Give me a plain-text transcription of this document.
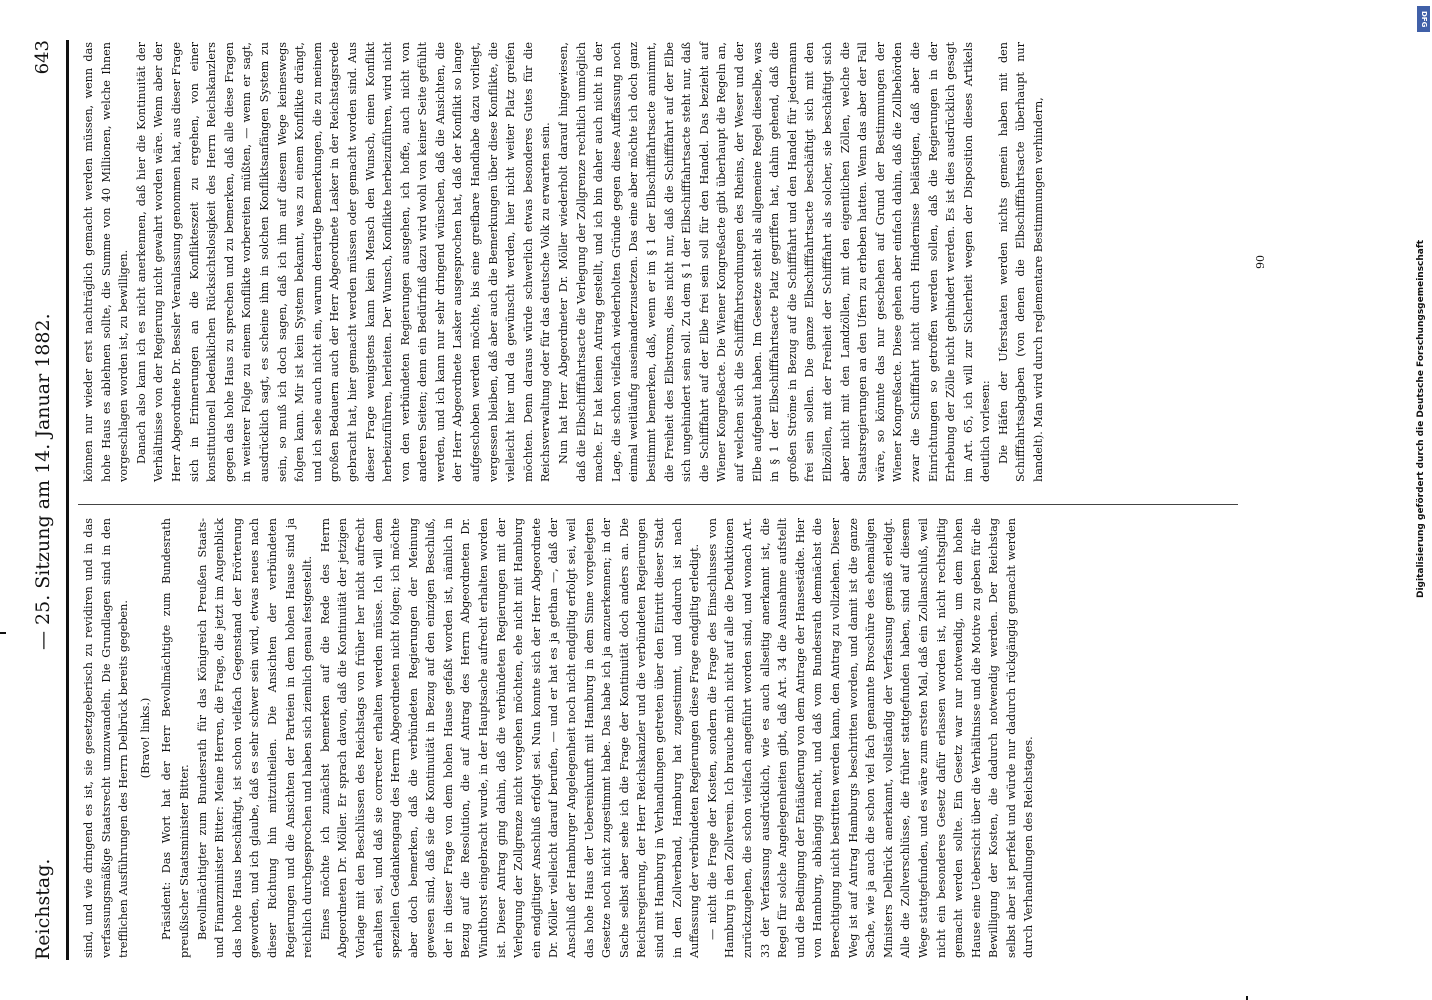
Reichstag.
— 25. Sitzung am 14. Januar 1882.
643

sind, und wie dringend es ist, sie gesetzgeberisch zu revidiren und in das verfassungsmäßige Staatsrecht umzuwandeln. Die Grundlagen sind in den trefflichen Ausführungen des Herrn Delbrück bereits gegeben. (Bravo! links.) Präsident: Das Wort hat der Herr Bevollmächtigte zum Bundesrath preußischer Staatsminister Bitter. Bevollmächtigter zum Bundesrath für das Königreich Preußen Staats- und Finanzminister Bitter: Meine Herren, die Frage, die jetzt im Augenblick das hohe Haus beschäftigt, ist schon vielfach Gegenstand der Erörterung geworden, und ich glaube, daß es sehr schwer sein wird, etwas neues nach dieser Richtung hin mitzutheilen. Die Ansichten der verbündeten Regierungen und die Ansichten der Parteien in dem hohen Hause sind ja reichlich durchgesprochen und haben sich ziemlich genau festgestellt. Eines möchte ich zunächst bemerken auf die Rede des Herrn Abgeordneten Dr. Möller. Er sprach davon, daß die Kontinuität der jetzigen Vorlage mit den Beschlüssen des Reichstags von früher her nicht aufrecht erhalten sei, und daß sie correcter erhalten werden müsse. Ich will dem speziellen Gedankengang des Herrn Abgeordneten nicht folgen; ich möchte aber doch bemerken, daß die verbündeten Regierungen der Meinung gewesen sind, daß sie die Kontinuität in Bezug auf den einzigen Beschluß, der in dieser Frage von dem hohen Hause gefaßt worden ist, nämlich in Bezug auf die Resolution, die auf Antrag des Herrn Abgeordneten Dr. Windthorst eingebracht wurde, in der Hauptsache aufrecht erhalten worden ist. Dieser Antrag ging dahin, daß die verbündeten Regierungen mit der Verlegung der Zollgrenze nicht vorgehen möchten, ehe nicht mit Hamburg ein endgiltiger Anschluß erfolgt sei. Nun konnte sich der Herr Abgeordnete Dr. Möller vielleicht darauf berufen, — und er hat es ja gethan —, daß der Anschluß der Hamburger Angelegenheit noch nicht endgiltig erfolgt sei, weil das hohe Haus der Uebereinkunft mit Hamburg in dem Sinne vorgelegten Gesetze noch nicht zugestimmt habe. Das habe ich ja anzuerkennen; in der Sache selbst aber sehe ich die Frage der Kontinuität doch anders an. Die Reichsregierung, der Herr Reichskanzler und die verbündeten Regierungen sind mit Hamburg in Verhandlungen getreten über den Eintritt dieser Stadt in den Zollverband, Hamburg hat zugestimmt, und dadurch ist nach Auffassung der verbündeten Regierungen diese Frage endgiltig erledigt. — nicht die Frage der Kosten, sondern die Frage des Einschlusses von Hamburg in den Zollverein. Ich brauche mich nicht auf alle die Deduktionen zurückzugehen, die schon vielfach angeführt worden sind, und wonach Art. 33 der Verfassung ausdrücklich, wie es auch allseitig anerkannt ist, die Regel für solche Angelegenheiten gibt, daß Art. 34 die Ausnahme aufstellt und die Bedingung der Entäußerung von dem Antrage der Hansestädte. Hier von Hamburg, abhängig macht, und daß vom Bundesrath demnächst die Berechtigung nicht bestritten werden kann, den Antrag zu vollziehen. Dieser Weg ist auf Antrag Hamburgs beschritten worden, und damit ist die ganze Sache, wie ja auch die schon viel fach genannte Broschüre des ehemaligen Ministers Delbrück anerkannt, vollständig der Verfassung gemäß erledigt. Alle die Zollverschlüsse, die früher stattgefunden haben, sind auf diesem Wege stattgefunden, und es wäre zum ersten Mal, daß ein Zollanschluß, weil nicht ein besonderes Gesetz dafür erlassen worden ist, nicht rechtsgiltig gemacht werden sollte. Ein Gesetz war nur notwendig, um dem hohen Hause eine Uebersicht über die Verhältnisse und die Motive zu geben für die Bewilligung der Kosten, die dadurch notwendig werden. Der Reichstag selbst aber ist perfekt und würde nur dadurch rückgängig gemacht werden durch Verhandlungen des Reichstages.

können nur wieder erst nachträglich gemacht werden müssen, wenn das hohe Haus es ablehnen sollte, die Summe von 40 Millionen, welche Ihnen vorgeschlagen worden ist, zu bewilligen. Danach also kann ich es nicht anerkennen, daß hier die Kontinuität der Verhältnisse von der Regierung nicht gewahrt worden wäre. Wenn aber der Herr Abgeordnete Dr. Bessler Veranlassung genommen hat, aus dieser Frage sich in Erinnerungen an die Konflikteszeit zu ergehen, von einer konstitutionell bedenklichen Rücksichtslosigkeit des Herrn Reichskanzlers gegen das hohe Haus zu sprechen und zu bemerken, daß alle diese Fragen in weiterer Folge zu einem Konflikte vorbereiten müßten, — wenn er sagt, ausdrücklich sagt, es scheine ihm in solchen Konfliktsanfängen System zu sein, so muß ich doch sagen, daß ich ihm auf diesem Wege keineswegs folgen kann. Mir ist kein System bekannt, was zu einem Konflikte drängt, und ich sehe auch nicht ein, warum derartige Bemerkungen, die zu meinem großen Bedauern auch der Herr Abgeordnete Lasker in der Reichstagsrede gebracht hat, hier gemacht werden müssen oder gemacht worden sind. Aus dieser Frage wenigstens kann kein Mensch den Wunsch, einen Konflikt herbeizuführen, herleiten. Der Wunsch, Konflikte herbeizuführen, wird nicht von den verbündeten Regierungen ausgehen, ich hoffe, auch nicht von anderen Seiten; denn ein Bedürfniß dazu wird wohl von keiner Seite gefühlt werden, und ich kann nur sehr dringend wünschen, daß die Ansichten, die der Herr Abgeordnete Lasker ausgesprochen hat, daß der Konflikt so lange aufgeschoben werden möchte, bis eine greifbare Handhabe dazu vorliegt, vergessen bleiben, daß aber auch die Bemerkungen über diese Konflikte, die vielleicht hier und da gewünscht werden, hier nicht weiter Platz greifen möchten. Denn daraus würde schwerlich etwas besonderes Gutes für die Reichsverwaltung oder für das deutsche Volk zu erwarten sein. Nun hat Herr Abgeordneter Dr. Möller wiederholt darauf hingewiesen, daß die Elbschifffahrtsacte die Verlegung der Zollgrenze rechtlich unmöglich mache. Er hat keinen Antrag gestellt, und ich bin daher auch nicht in der Lage, die schon vielfach wiederholten Gründe gegen diese Auffassung noch einmal weitläufig auseinanderzusetzen. Das eine aber möchte ich doch ganz bestimmt bemerken, daß, wenn er im § 1 der Elbschifffahrtsacte annimmt, die Freiheit des Elbstroms, dies nicht nur, daß die Schifffahrt auf der Elbe sich ungehindert sein soll. Zu dem § 1 der Elbschifffahrtsacte steht nur, daß die Schifffahrt auf der Elbe frei sein soll für den Handel. Das bezieht auf Wiener Kongreßacte. Die Wiener Kongreßacte gibt überhaupt die Regeln an, auf welchen sich die Schifffahrtsordnungen des Rheins, der Weser und der Elbe aufgebaut haben. Im Gesetze steht als allgemeine Regel dieselbe, was in § 1 der Elbschifffahrtsacte Platz gegriffen hat, dahin gehend, daß die großen Ströme in Bezug auf die Schifffahrt und den Handel für jedermann frei sein sollen. Die ganze Elbschifffahrtsacte beschäftigt sich mit den Elbzöllen, mit der Freiheit der Schifffahrt als solcher, sie beschäftigt sich aber nicht mit den Landzöllen, mit den eigentlichen Zöllen, welche die Staatsregierungen an den Ufern zu erheben hatten. Wenn das aber der Fall wäre, so könnte das nur geschehen auf Grund der Bestimmungen der Wiener Kongreßacte. Diese gehen aber einfach dahin, daß die Zollbehörden zwar die Schifffahrt nicht durch Hindernisse belästigen, daß aber die Einrichtungen so getroffen werden sollen, daß die Regierungen in der Erhebung der Zölle nicht gehindert werden. Es ist dies ausdrücklich gesagt im Art. 65, ich will zur Sicherheit wegen der Disposition dieses Artikels deutlich vorlesen: Die Häfen der Uferstaaten werden nichts gemein haben mit den Schifffahrtsabgaben (von denen die Elbschifffahrtsacte überhaupt nur handelt). Man wird durch reglementare Bestimmungen verhindern,	90
DFG
Digitalisierung gefördert durch die Deutsche Forschungsgemeinschaft
